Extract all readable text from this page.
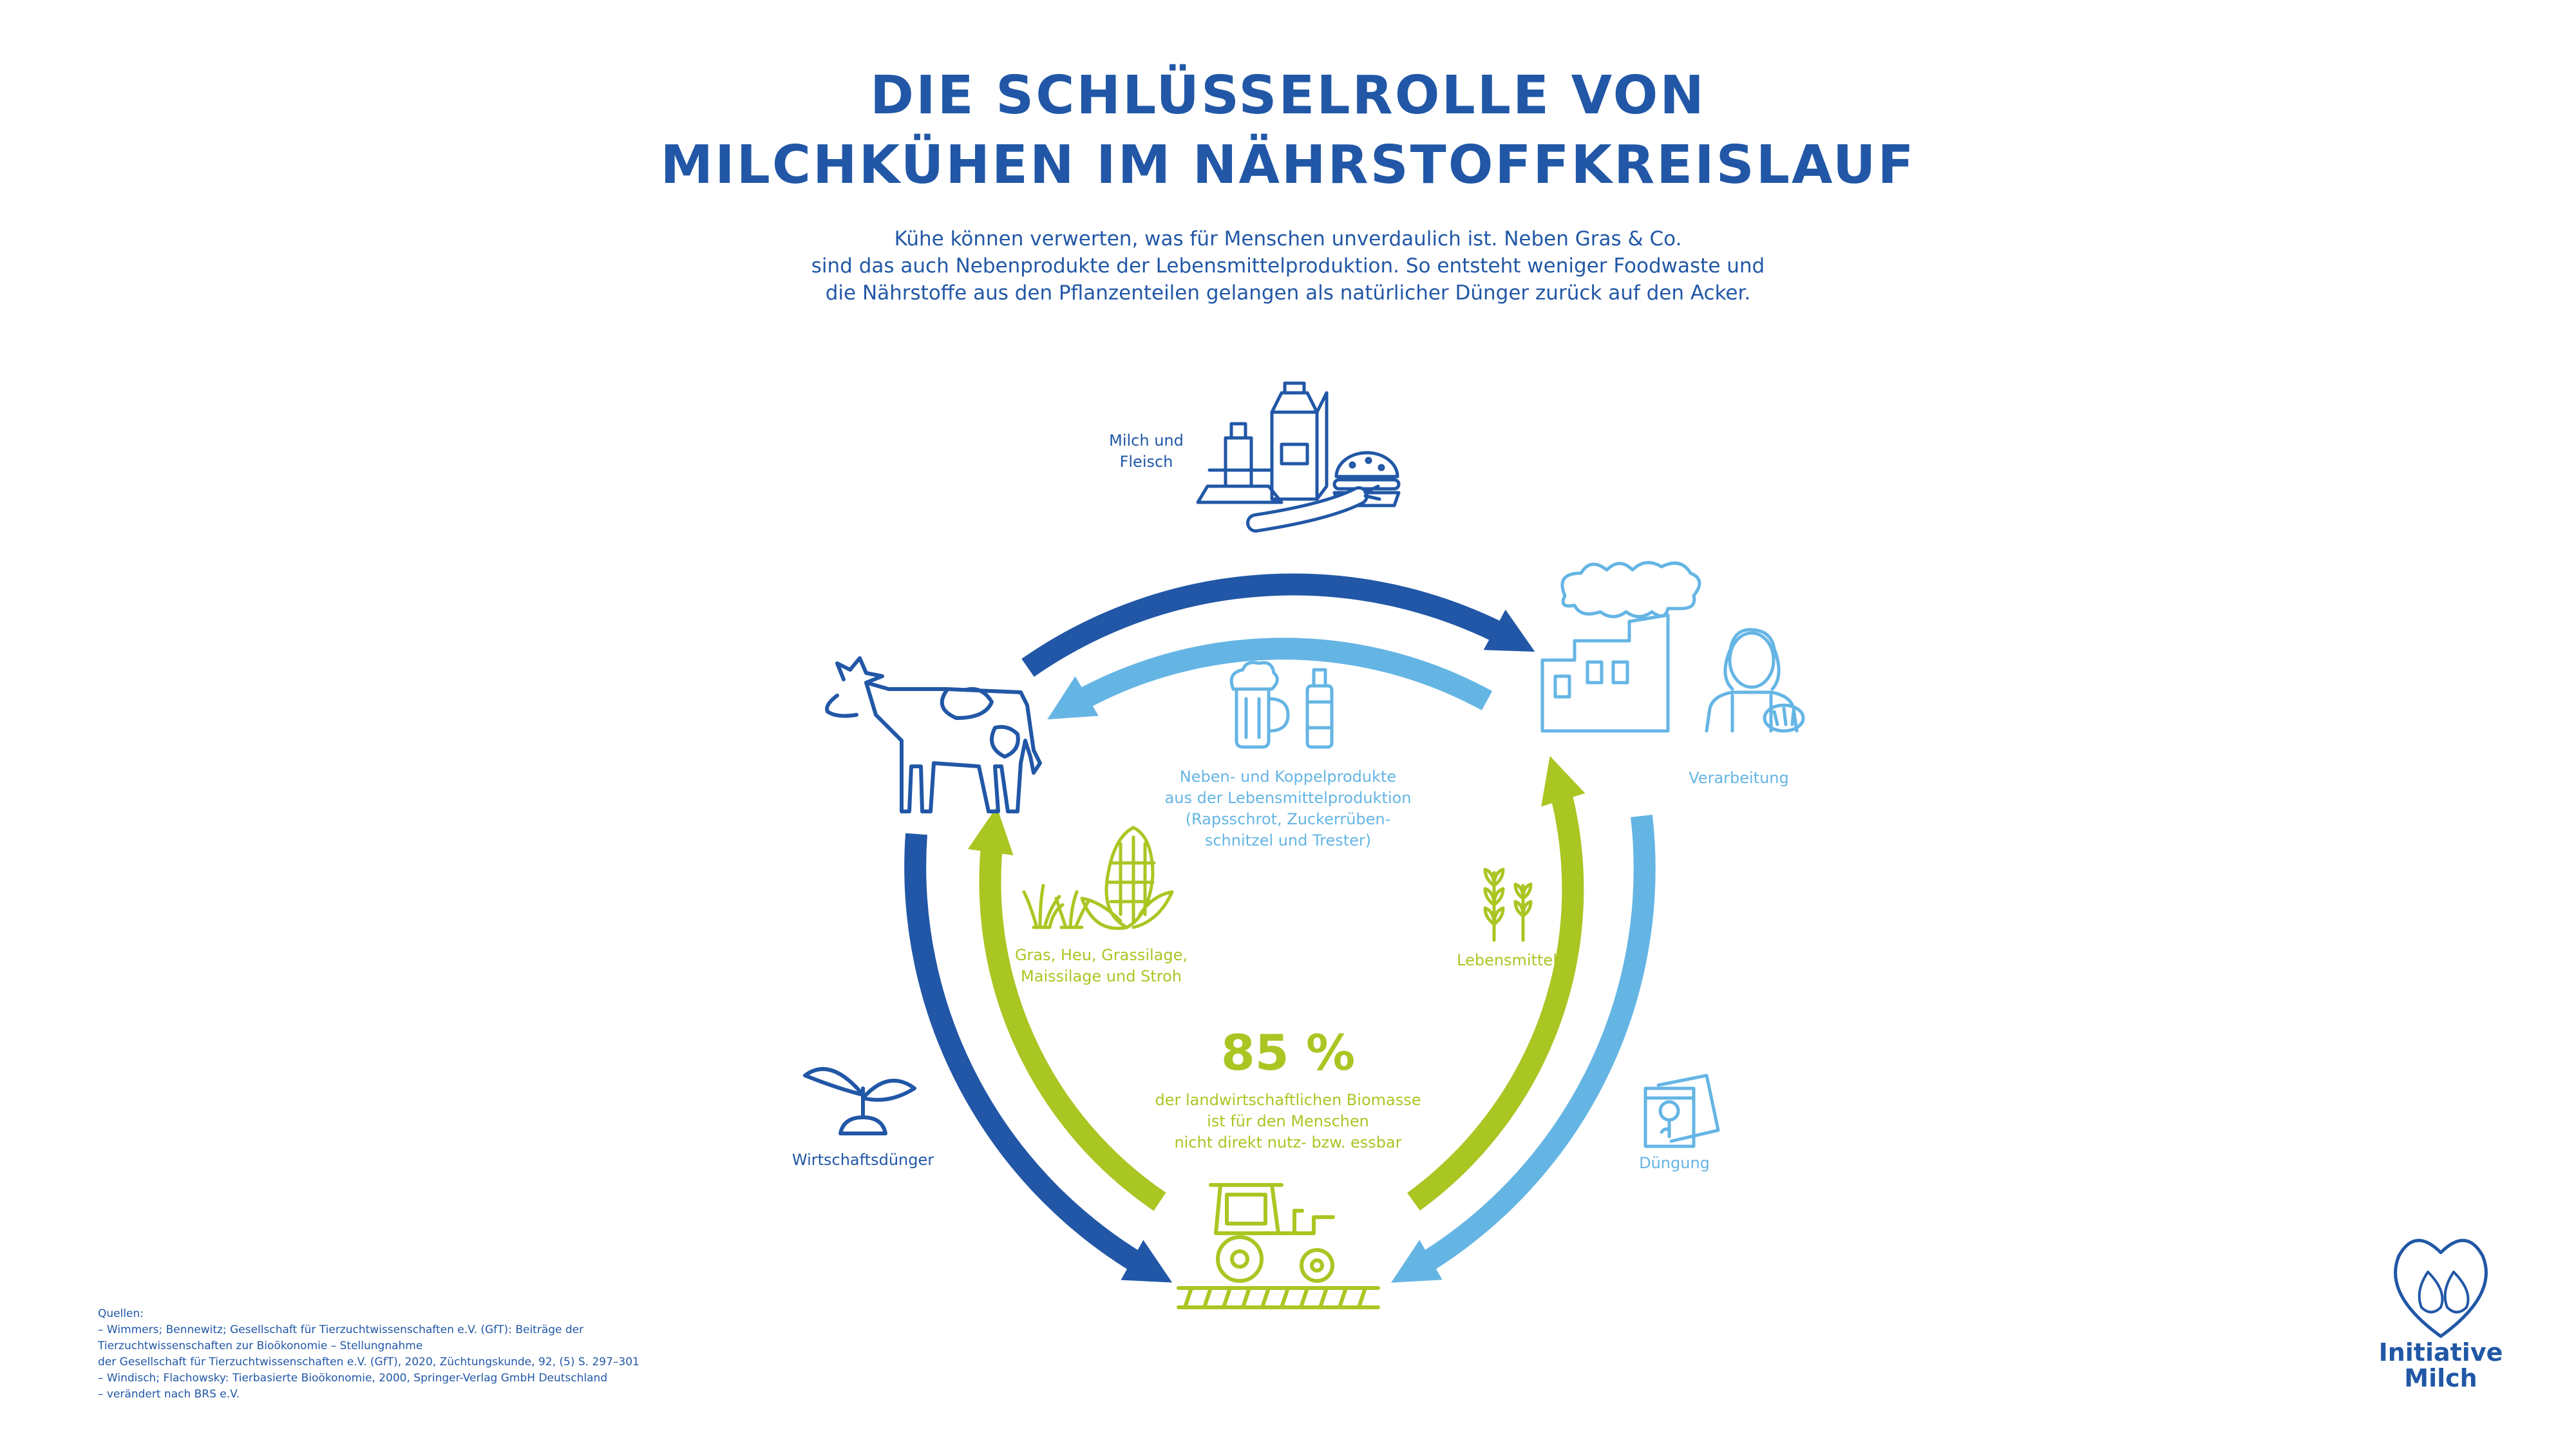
DIE SCHLÜSSELROLLE VON
MILCHKÜHEN IM NÄHRSTOFFKREISLAUF
Kühe können verwerten, was für Menschen unverdaulich ist. Neben Gras & Co.
sind das auch Nebenprodukte der Lebensmittelproduktion. So entsteht weniger Foodwaste und
die Nährstoffe aus den Pflanzenteilen gelangen als natürlicher Dünger zurück auf den Acker.
Milch und
Fleisch
Verarbeitung
Neben- und Koppelprodukte
aus der Lebensmittelproduktion
(Rapsschrot, Zuckerrüben-
schnitzel und Trester)
Gras, Heu, Grassilage,
Maissilage und Stroh
Lebensmittel
Wirtschaftsdünger	Düngung
85 %
der landwirtschaftlichen Biomasse
ist für den Menschen
nicht direkt nutz- bzw. essbar
Quellen:
– Wimmers; Bennewitz; Gesellschaft für Tierzuchtwissenschaften e.V. (GfT): Beiträge der
Tierzuchtwissenschaften zur Bioökonomie – Stellungnahme
der Gesellschaft für Tierzuchtwissenschaften e.V. (GfT), 2020, Züchtungskunde, 92, (5) S. 297–301
– Windisch; Flachowsky: Tierbasierte Bioökonomie, 2000, Springer-Verlag GmbH Deutschland
– verändert nach BRS e.V.
Initiative
Milch
